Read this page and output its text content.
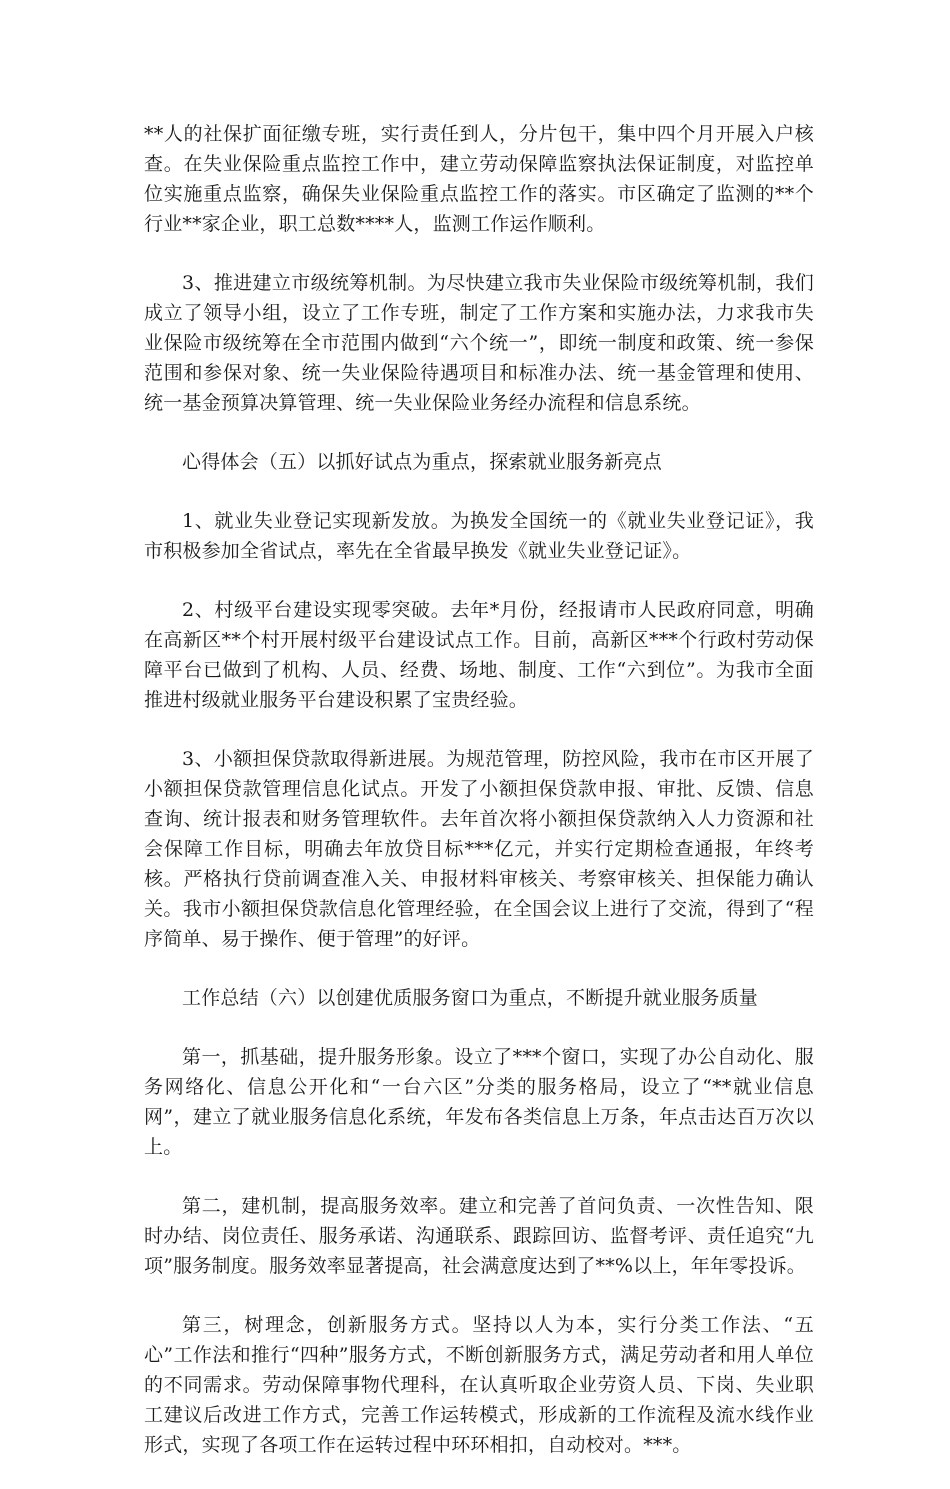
**人的社保扩面征缴专班，实行责任到人，分片包干，集中四个月开展入户核查。在失业保险重点监控工作中，建立劳动保障监察执法保证制度，对监控单位实施重点监察，确保失业保险重点监控工作的落实。市区确定了监测的**个行业**家企业，职工总数****人，监测工作运作顺利。

3、推进建立市级统筹机制。为尽快建立我市失业保险市级统筹机制，我们成立了领导小组，设立了工作专班，制定了工作方案和实施办法，力求我市失业保险市级统筹在全市范围内做到“六个统一”，即统一制度和政策、统一参保范围和参保对象、统一失业保险待遇项目和标准办法、统一基金管理和使用、统一基金预算决算管理、统一失业保险业务经办流程和信息系统。

心得体会（五）以抓好试点为重点，探索就业服务新亮点

1、就业失业登记实现新发放。为换发全国统一的《就业失业登记证》，我市积极参加全省试点，率先在全省最早换发《就业失业登记证》。

2、村级平台建设实现零突破。去年*月份，经报请市人民政府同意，明确在高新区**个村开展村级平台建设试点工作。目前，高新区***个行政村劳动保障平台已做到了机构、人员、经费、场地、制度、工作“六到位”。为我市全面推进村级就业服务平台建设积累了宝贵经验。

3、小额担保贷款取得新进展。为规范管理，防控风险，我市在市区开展了小额担保贷款管理信息化试点。开发了小额担保贷款申报、审批、反馈、信息查询、统计报表和财务管理软件。去年首次将小额担保贷款纳入人力资源和社会保障工作目标，明确去年放贷目标***亿元，并实行定期检查通报，年终考核。严格执行贷前调查准入关、申报材料审核关、考察审核关、担保能力确认关。我市小额担保贷款信息化管理经验，在全国会议上进行了交流，得到了“程序简单、易于操作、便于管理”的好评。

工作总结（六）以创建优质服务窗口为重点，不断提升就业服务质量

第一，抓基础，提升服务形象。设立了***个窗口，实现了办公自动化、服务网络化、信息公开化和“一台六区”分类的服务格局，设立了“**就业信息网”，建立了就业服务信息化系统，年发布各类信息上万条，年点击达百万次以上。

第二，建机制，提高服务效率。建立和完善了首问负责、一次性告知、限时办结、岗位责任、服务承诺、沟通联系、跟踪回访、监督考评、责任追究“九项”服务制度。服务效率显著提高，社会满意度达到了**%以上，年年零投诉。

第三，树理念，创新服务方式。坚持以人为本，实行分类工作法、“五心”工作法和推行“四种”服务方式，不断创新服务方式，满足劳动者和用人单位的不同需求。劳动保障事物代理科，在认真听取企业劳资人员、下岗、失业职工建议后改进工作方式，完善工作运转模式，形成新的工作流程及流水线作业形式，实现了各项工作在运转过程中环环相扣，自动校对。***。
